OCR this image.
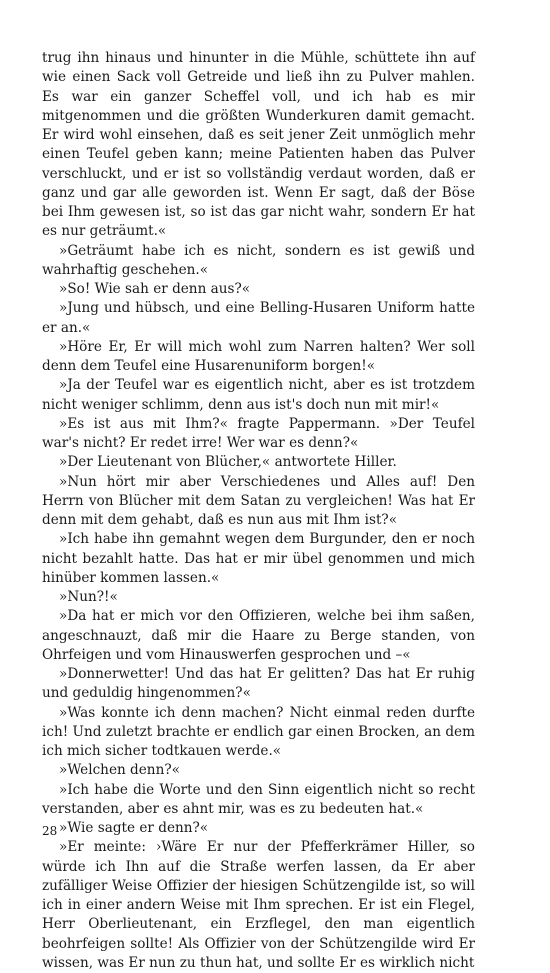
trug ihn hinaus und hinunter in die Mühle, schüttete ihn auf wie einen Sack voll Getreide und ließ ihn zu Pulver mahlen. Es war ein ganzer Scheffel voll, und ich hab es mir mitgenommen und die größten Wunderkuren damit gemacht. Er wird wohl einsehen, daß es seit jener Zeit unmöglich mehr einen Teufel geben kann; meine Patienten haben das Pulver verschluckt, und er ist so vollständig verdaut worden, daß er ganz und gar alle geworden ist. Wenn Er sagt, daß der Böse bei Ihm gewesen ist, so ist das gar nicht wahr, sondern Er hat es nur geträumt.«

»Geträumt habe ich es nicht, sondern es ist gewiß und wahrhaftig geschehen.«

»So! Wie sah er denn aus?«

»Jung und hübsch, und eine Belling-Husaren Uniform hatte er an.«

»Höre Er, Er will mich wohl zum Narren halten? Wer soll denn dem Teufel eine Husarenuniform borgen!«

»Ja der Teufel war es eigentlich nicht, aber es ist trotzdem nicht weniger schlimm, denn aus ist's doch nun mit mir!«

»Es ist aus mit Ihm?« fragte Pappermann. »Der Teufel war's nicht? Er redet irre! Wer war es denn?«

»Der Lieutenant von Blücher,« antwortete Hiller.

»Nun hört mir aber Verschiedenes und Alles auf! Den Herrn von Blücher mit dem Satan zu vergleichen! Was hat Er denn mit dem gehabt, daß es nun aus mit Ihm ist?«

»Ich habe ihn gemahnt wegen dem Burgunder, den er noch nicht bezahlt hatte. Das hat er mir übel genommen und mich hinüber kommen lassen.«

»Nun?!«

»Da hat er mich vor den Offizieren, welche bei ihm saßen, angeschnauzt, daß mir die Haare zu Berge standen, von Ohrfeigen und vom Hinauswerfen gesprochen und –«

»Donnerwetter! Und das hat Er gelitten? Das hat Er ruhig und geduldig hingenommen?«

»Was konnte ich denn machen? Nicht einmal reden durfte ich! Und zuletzt brachte er endlich gar einen Brocken, an dem ich mich sicher todtkauen werde.«

»Welchen denn?«

»Ich habe die Worte und den Sinn eigentlich nicht so recht verstanden, aber es ahnt mir, was es zu bedeuten hat.«

»Wie sagte er denn?«

»Er meinte: ›Wäre Er nur der Pfefferkrämer Hiller, so würde ich Ihn auf die Straße werfen lassen, da Er aber zufälliger Weise Offizier der hiesigen Schützengilde ist, so will ich in einer andern Weise mit Ihm sprechen. Er ist ein Flegel, Herr Oberlieutenant, ein Erzflegel, den man eigentlich beohrfeigen sollte! Als Offizier von der Schützengilde wird Er wissen, was Er nun zu thun hat, und sollte Er es wirklich nicht

28
